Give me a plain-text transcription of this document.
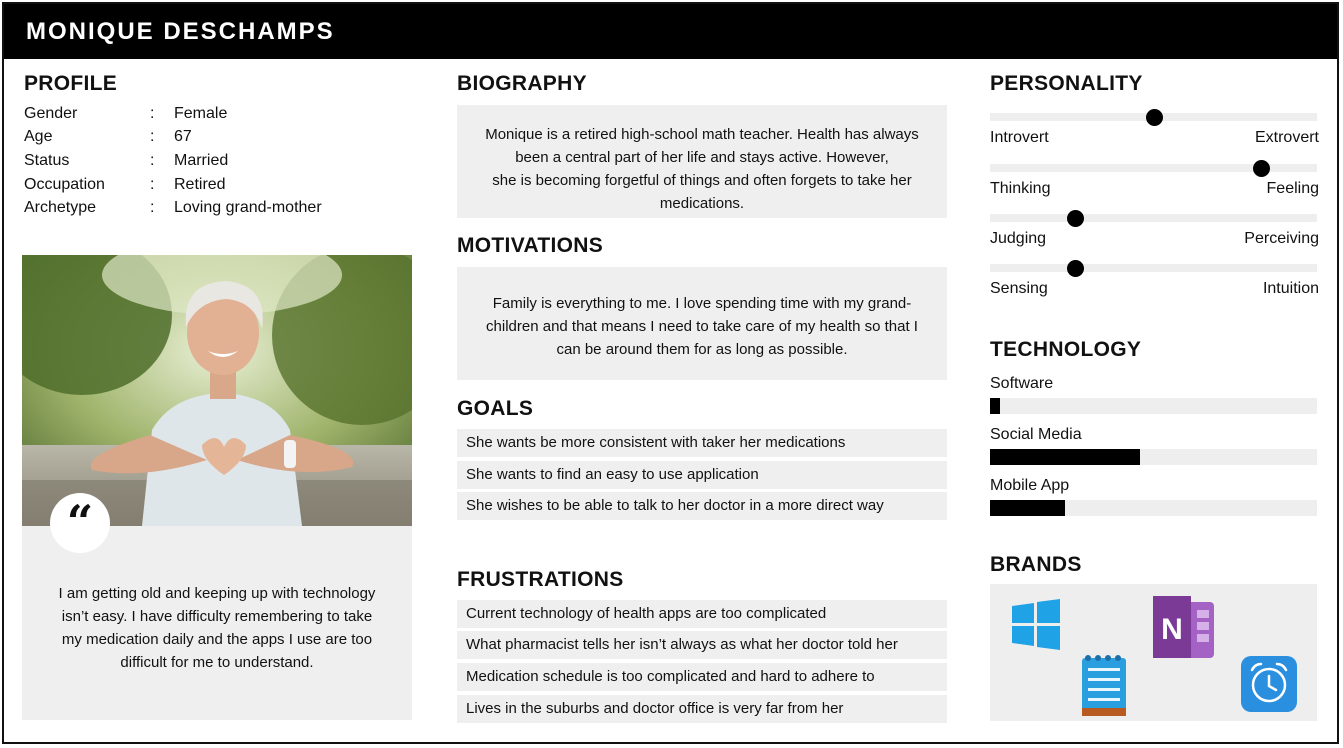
MONIQUE DESCHAMPS
PROFILE
Gender	: Female
Age	: 67
Status	: Married
Occupation	: Retired
Archetype	: Loving grand-mother
I am getting old and keeping up with technology
isn’t easy. I have difficulty remembering to take
my medication daily and the apps I use are too
difficult for me to understand.
“
BIOGRAPHY
Monique is a retired high-school math teacher. Health has always
been a central part of her life and stays active. However,
she is becoming forgetful of things and often forgets to take her
medications.
MOTIVATIONS
Family is everything to me. I love spending time with my grand-
children and that means I need to take care of my health so that I
can be around them for as long as possible.
GOALS
She wants be more consistent with taker her medications
She wants to find an easy to use application
She wishes to be able to talk to her doctor in a more direct way
FRUSTRATIONS
Current technology of health apps are too complicated
What pharmacist tells her isn’t always as what her doctor told her
Medication schedule is too complicated and hard to adhere to
Lives in the suburbs and doctor office is very far from her
PERSONALITY
Introvert	Extrovert
Thinking	Feeling
Judging	Perceiving
Sensing	Intuition
TECHNOLOGY
Software
Social Media
Mobile App
BRANDS
N
